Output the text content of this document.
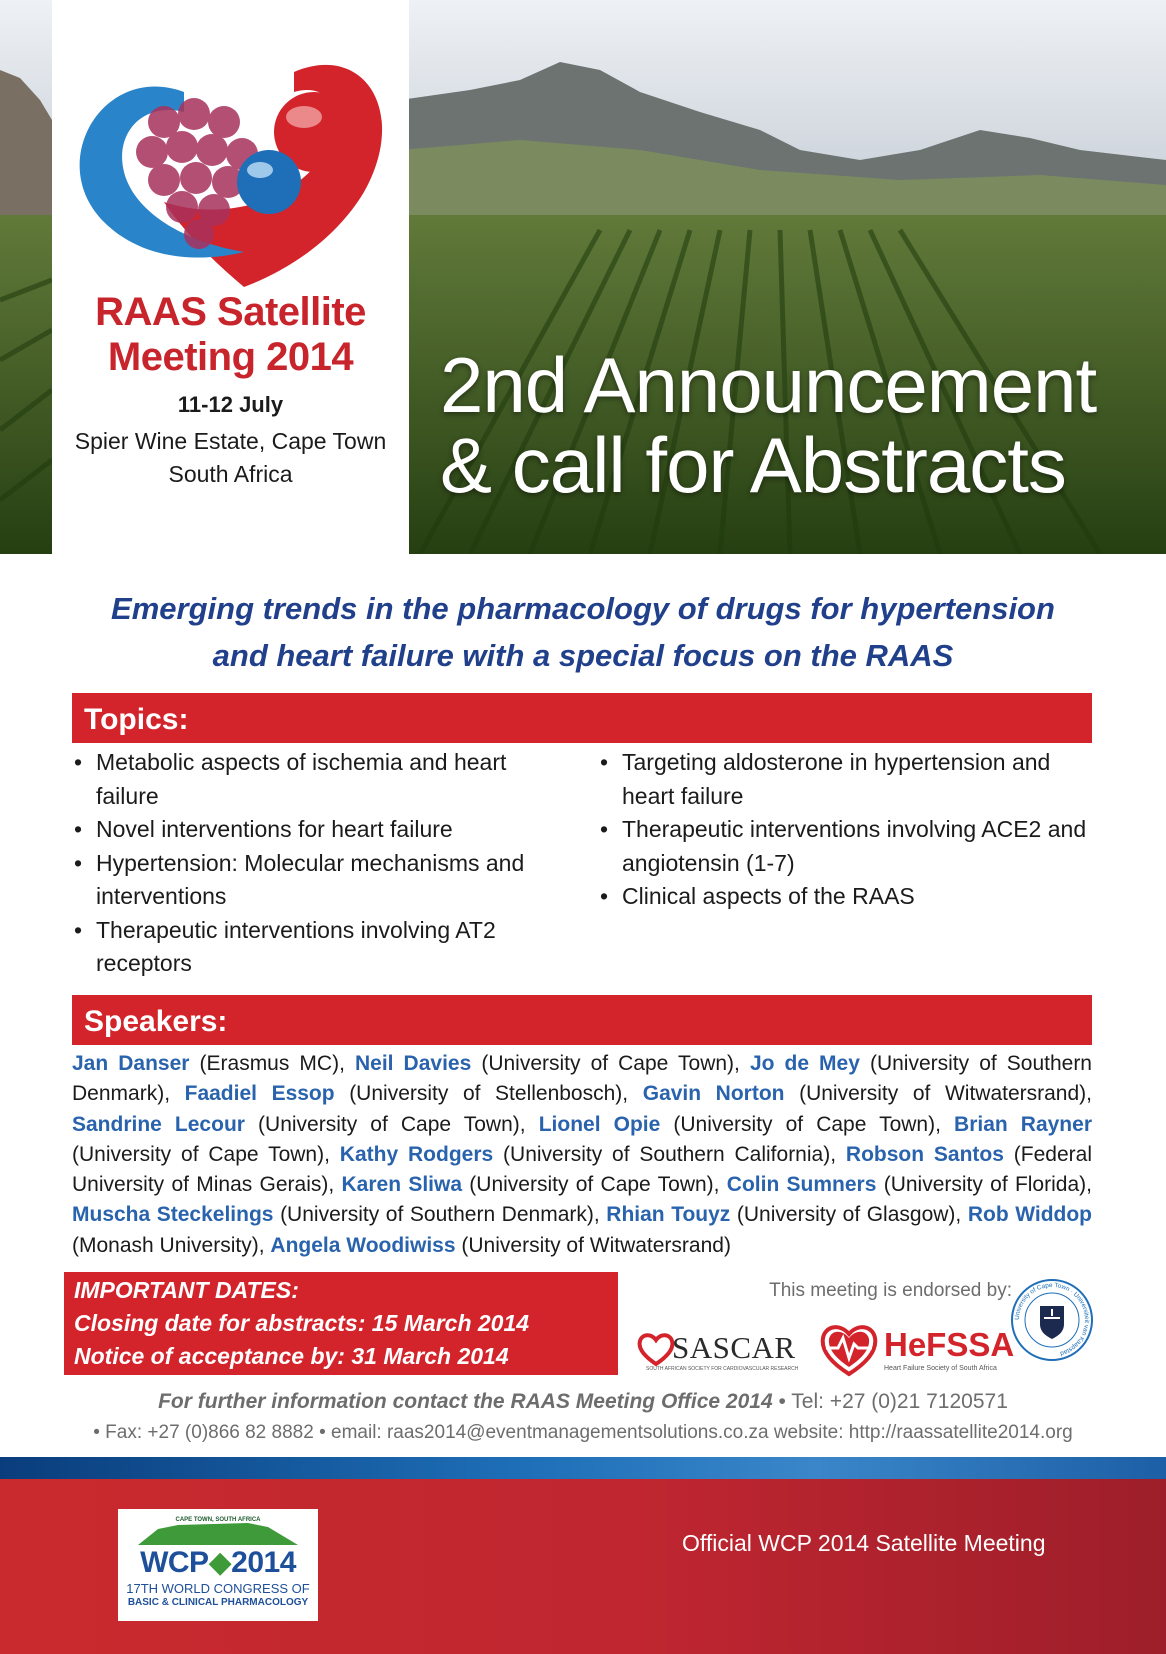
RAAS Satellite
Meeting 2014
11-12 July
Spier Wine Estate, Cape Town
South Africa
2nd Announcement
& call for Abstracts
Emerging trends in the pharmacology of drugs for hypertension
and heart failure with a special focus on the RAAS
Topics:
• Metabolic aspects of ischemia and heart failure
• Novel interventions for heart failure
• Hypertension: Molecular mechanisms and interventions
• Therapeutic interventions involving AT2 receptors
• Targeting aldosterone in hypertension and heart failure
• Therapeutic interventions involving ACE2 and angiotensin (1-7)
• Clinical aspects of the RAAS
Speakers:

Jan Danser (Erasmus MC), Neil Davies (University of Cape Town), Jo de Mey (University of Southern Denmark), Faadiel Essop (University of Stellenbosch), Gavin Norton (University of Witwatersrand), Sandrine Lecour (University of Cape Town), Lionel Opie (University of Cape Town), Brian Rayner (University of Cape Town), Kathy Rodgers (University of Southern California), Robson Santos (Federal University of Minas Gerais), Karen Sliwa (University of Cape Town), Colin Sumners (University of Florida), Muscha Steckelings (University of Southern Denmark), Rhian Touyz (University of Glasgow), Rob Widdop (Monash University), Angela Woodiwiss (University of Witwatersrand)

IMPORTANT DATES:
Closing date for abstracts: 15 March 2014
Notice of acceptance by: 31 March 2014
This meeting is endorsed by:
SASCAR
SOUTH AFRICAN SOCIETY FOR CARDIOVASCULAR RESEARCH
HeFSSA
Heart Failure Society of South Africa
University of Cape Town · Universiteit van Kaapstad
For further information contact the RAAS Meeting Office 2014 • Tel: +27 (0)21 7120571
• Fax: +27 (0)866 82 8882 • email: raas2014@eventmanagementsolutions.co.za website: http://raassatellite2014.org
CAPE TOWN, SOUTH AFRICA
WCP◆2014
17TH WORLD CONGRESS OF
BASIC & CLINICAL PHARMACOLOGY
Official WCP 2014 Satellite Meeting
